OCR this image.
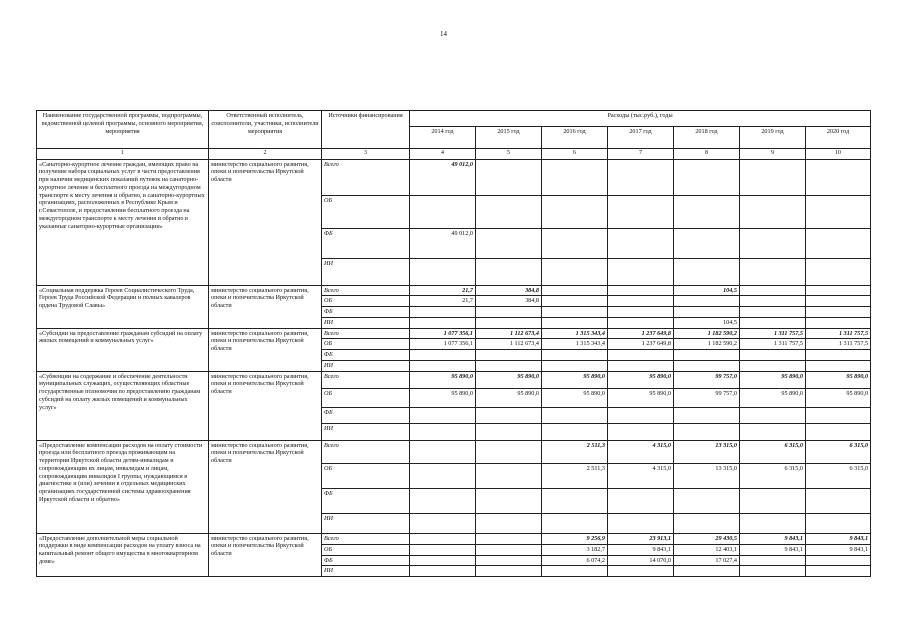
14
Наименование государственной программы, подпрограммы, ведомственной целевой программы, основного мероприятия, мероприятия	Ответственный исполнитель, соисполнители, участники, исполнители мероприятия	Источники финансирования	Расходы (тыс.руб.), годы						
			2014 год	2015 год	2016 год	2017 год	2018 год	2019 год	2020 год
1	2	3	4	5	6	7	8	9	10
«Санаторно-курортное лечение граждан, имеющих право на получение набора социальных услуг в части предоставления при наличии медицинских показаний путевок на санаторно-курортное лечение и бесплатного проезда на междугородном транспорте к месту лечения и обратно, в санаторно-курортных организациях, расположенных в Республике Крым и г.Севастополе, и предоставлении бесплатного проезда на междугородном транспорте к месту лечения и обратно в указанные санаторно-курортные организации»	министерство социального развития, опеки и попечительства Иркутской области	Всего	49 012,0						
		ОБ							
		ФБ	49 012,0						
		ИИ							
«Социальная поддержка Героев Социалистического Труда, Героев Труда Российской Федерации и полных кавалеров ордена Трудовой Славы»	министерство социального развития, опеки и попечительства Иркутской области	Всего	21,7	384,8			104,5		
		ОБ	21,7	384,8					
		ФБ							
		ИИ					104,5		
«Субсидии на предоставление гражданам субсидий на оплату жилых помещений и коммунальных услуг»	министерство социального развития, опеки и попечительства Иркутской области	Всего	1 077 356,1	1 112 673,4	1 315 343,4	1 237 649,8	1 182 590,2	1 311 757,5	1 311 757,5
		ОБ	1 077 356,1	1 112 673,4	1 315 343,4	1 237 649,8	1 182 590,2	1 311 757,5	1 311 757,5
		ФБ							
		ИИ							
«Субвенции на содержание и обеспечение деятельности муниципальных служащих, осуществляющих областные государственные полномочия по предоставлению гражданам субсидий на оплату жилых помещений и коммунальных услуг»	министерство социального развития, опеки и попечительства Иркутской области	Всего	95 890,0	95 890,0	95 890,0	95 890,0	99 757,0	95 890,0	95 890,0
		ОБ	95 890,0	95 890,0	95 890,0	95 890,0	99 757,0	95 890,0	95 890,0
		ФБ							
		ИИ							
«Предоставление компенсации расходов на оплату стоимости проезда или бесплатного проезда проживающим на территории Иркутской области детям-инвалидам и сопровождающим их лицам, инвалидам и лицам, сопровождающим инвалидов I группы, нуждающимся в диагностике и (или) лечении в отдельных медицинских организациях государственной системы здравоохранения Иркутской области и обратно»	министерство социального развития, опеки и попечительства Иркутской области	Всего			2 511,3	4 315,0	13 315,0	6 315,0	6 315,0
		ОБ			2 511,3	4 315,0	13 315,0	6 315,0	6 315,0
		ФБ							
		ИИ							
«Предоставление дополнительной меры социальной поддержки в виде компенсации расходов на уплату взноса на капитальный ремонт общего имущества в многоквартирном доме»	министерство социального развития, опеки и попечительства Иркутской области	Всего			9 256,9	23 913,1	29 430,5	9 843,1	9 843,1
		ОБ			3 182,7	9 843,1	12 403,1	9 843,1	9 843,1
		ФБ			6 074,2	14 070,0	17 027,4		
		ИИ							
